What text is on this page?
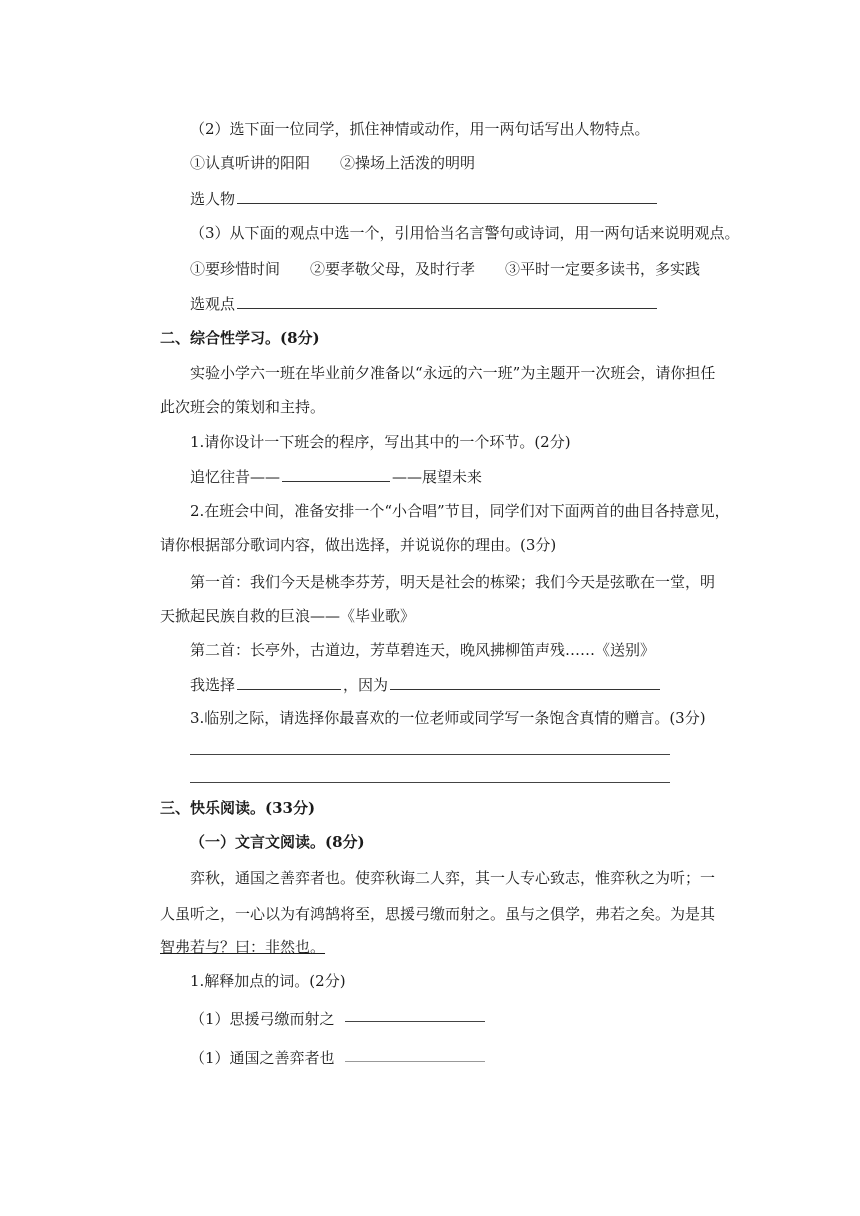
（2）选下面一位同学，抓住神情或动作，用一两句话写出人物特点。
①认真听讲的阳阳　　②操场上活泼的明明
选人物
（3）从下面的观点中选一个，引用恰当名言警句或诗词，用一两句话来说明观点。
①要珍惜时间　　②要孝敬父母，及时行孝　　③平时一定要多读书，多实践
选观点
二、综合性学习。(8分)
实验小学六一班在毕业前夕准备以“永远的六一班”为主题开一次班会，请你担任
此次班会的策划和主持。
1.请你设计一下班会的程序，写出其中的一个环节。(2分)
追忆往昔——	——展望未来
2.在班会中间，准备安排一个“小合唱”节目，同学们对下面两首的曲目各持意见，
请你根据部分歌词内容，做出选择，并说说你的理由。(3分)
第一首：我们今天是桃李芬芳，明天是社会的栋梁；我们今天是弦歌在一堂，明
天掀起民族自救的巨浪——《毕业歌》
第二首：长亭外，古道边，芳草碧连天，晚风拂柳笛声残……《送别》
我选择	，因为
3.临别之际，请选择你最喜欢的一位老师或同学写一条饱含真情的赠言。(3分)
三、快乐阅读。(33分)
（一）文言文阅读。(8分)
弈秋，通国之善弈者也。使弈秋诲二人弈，其一人专心致志，惟弈秋之为听；一
人虽听之，一心以为有鸿鹄将至，思援弓缴而射之。虽与之俱学，弗若之矣。为是其
智弗若与？曰：非然也。
1.解释加点的词。(2分)
（1）思援弓缴而射之
（1）通国之善弈者也
